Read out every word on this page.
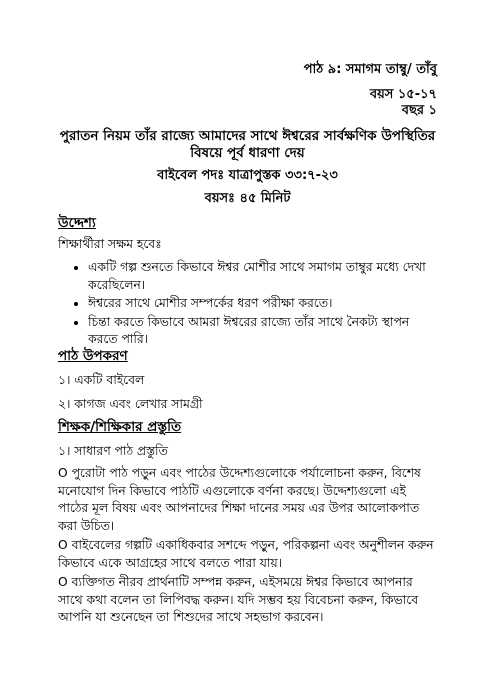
পাঠ ৯: সমাগম তাম্বু/ তাঁবু
বয়স ১৫-১৭
বছর ১
পুরাতন নিয়ম তাঁর রাজ্যে আমাদের সাথে ঈশ্বরের সার্বক্ষণিক উপস্থিতির বিষয়ে পূর্ব ধারণা দেয়
বাইবেল পদঃ যাত্রাপুস্তক ৩৩:৭-২৩
বয়সঃ ৪৫ মিনিট
উদ্দেশ্য
শিক্ষার্থীরা সক্ষম হবেঃ
• একটি গল্প শুনতে কিভাবে ঈশ্বর মোশীর সাথে সমাগম তাম্বুর মধ্যে দেখা করেছিলেন।
• ঈশ্বরের সাথে মোশীর সম্পর্কের ধরণ পরীক্ষা করতে।
• চিন্তা করতে কিভাবে আমরা ঈশ্বরের রাজ্যে তাঁর সাথে নৈকট্য স্থাপন করতে পারি।
পাঠ উপকরণ
১। একটি বাইবেল
২। কাগজ এবং লেখার সামগ্রী
শিক্ষক/শিক্ষিকার প্রস্তুতি
১। সাধারণ পাঠ প্রস্তুতি
O পুরোটা পাঠ পড়ুন এবং পাঠের উদ্দেশ্যগুলোকে পর্যালোচনা করুন, বিশেষ মনোযোগ দিন কিভাবে পাঠটি এগুলোকে বর্ণনা করছে। উদ্দেশ্যগুলো এই পাঠের মূল বিষয় এবং আপনাদের শিক্ষা দানের সময় এর উপর আলোকপাত করা উচিত।
O বাইবেলের গল্পটি একাধিকবার সশব্দে পড়ুন, পরিকল্পনা এবং অনুশীলন করুন কিভাবে একে আগ্রহের সাথে বলতে পারা যায়।
O ব্যক্তিগত নীরব প্রার্থনাটি সম্পন্ন করুন, এইসময়ে ঈশ্বর কিভাবে আপনার সাথে কথা বলেন তা লিপিবদ্ধ করুন। যদি সম্ভব হয় বিবেচনা করুন, কিভাবে আপনি যা শুনেছেন তা শিশুদের সাথে সহভাগ করবেন।
